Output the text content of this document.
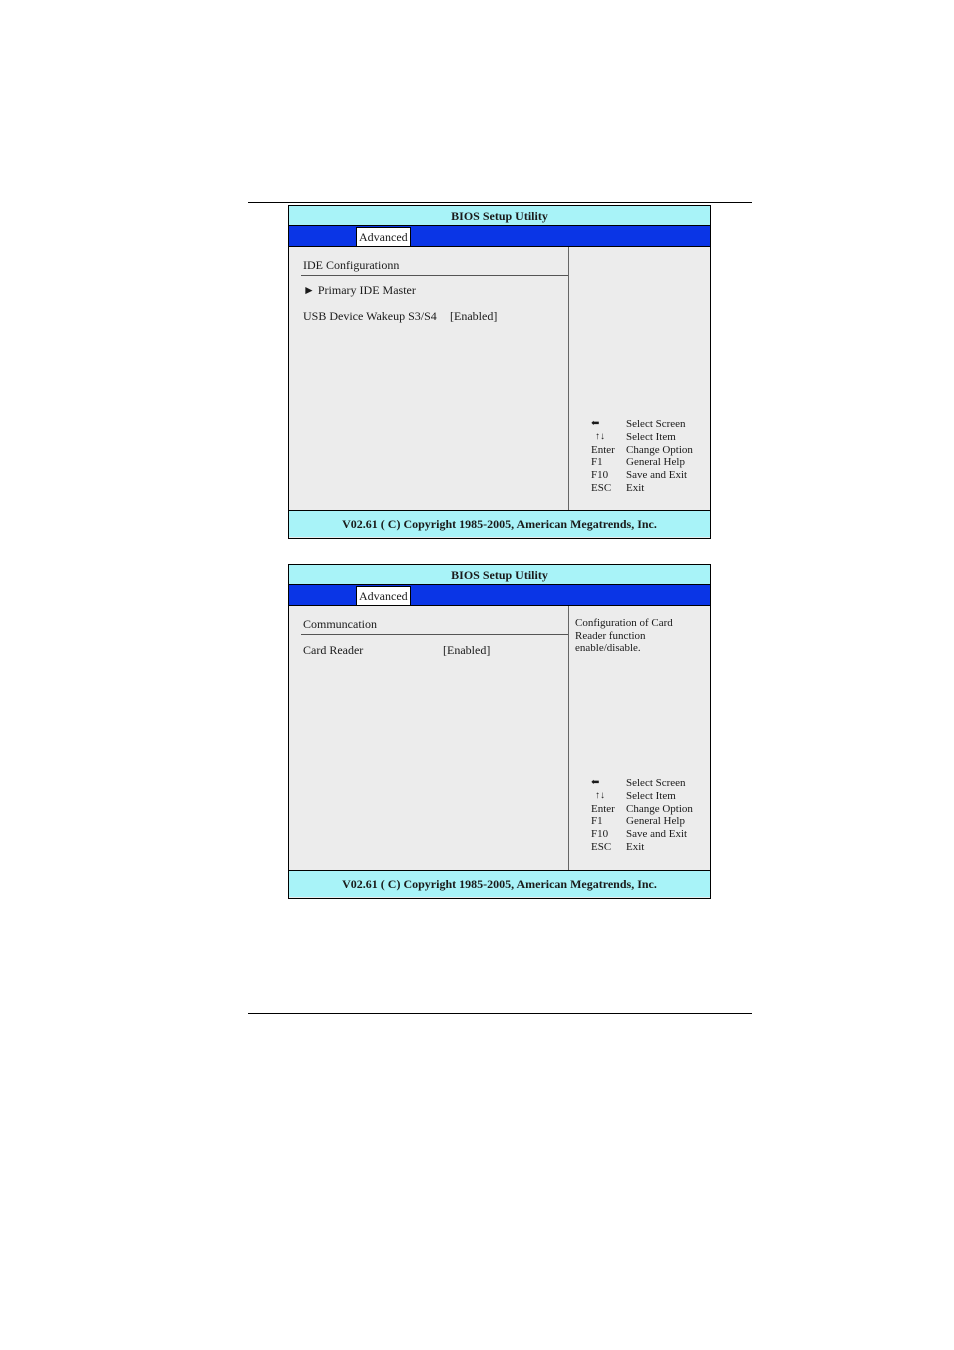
BIOS Setup Utility
Advanced
IDE Configurationn
► Primary IDE Master
USB Device Wakeup S3/S4 [Enabled]
⬅	Select Screen
↑↓	Select Item
Enter	Change Option
F1	General Help
F10	Save and Exit
ESC	Exit
V02.61 ( C) Copyright 1985-2005, American Megatrends, Inc.
BIOS Setup Utility
Advanced
Communcation
Card Reader	[Enabled]
Configuration of Card Reader function enable/disable.
⬅	Select Screen
↑↓	Select Item
Enter	Change Option
F1	General Help
F10	Save and Exit
ESC	Exit
V02.61 ( C) Copyright 1985-2005, American Megatrends, Inc.
